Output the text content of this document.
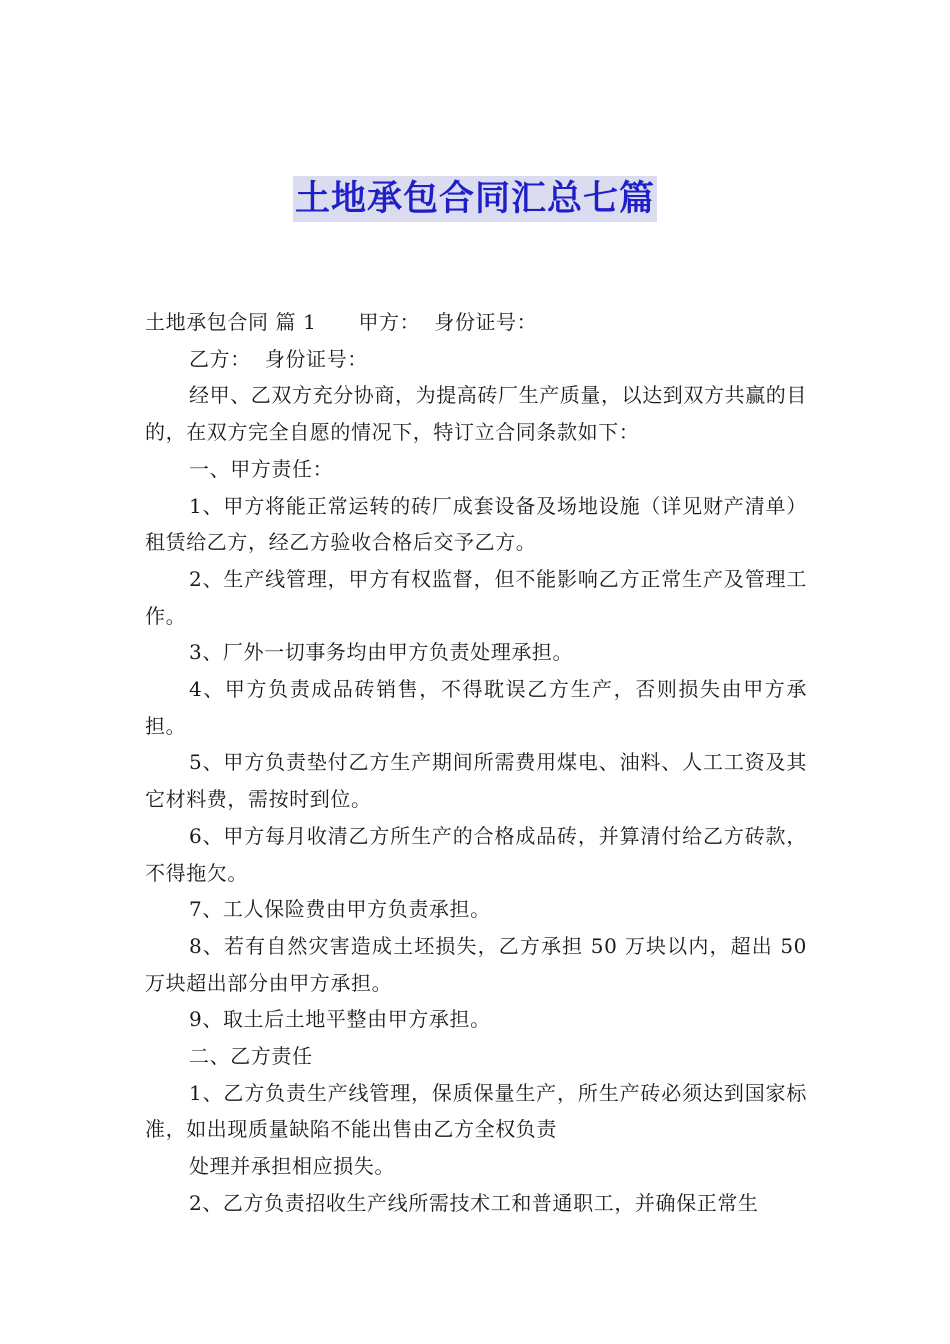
土地承包合同汇总七篇

土地承包合同 篇 1 甲方： 身份证号：

乙方： 身份证号：

经甲、乙双方充分协商，为提高砖厂生产质量，以达到双方共赢的目的，在双方完全自愿的情况下，特订立合同条款如下：

一、甲方责任：

1、甲方将能正常运转的砖厂成套设备及场地设施（详见财产清单）租赁给乙方，经乙方验收合格后交予乙方。

2、生产线管理，甲方有权监督，但不能影响乙方正常生产及管理工作。

3、厂外一切事务均由甲方负责处理承担。

4、甲方负责成品砖销售，不得耽误乙方生产，否则损失由甲方承担。

5、甲方负责垫付乙方生产期间所需费用煤电、油料、人工工资及其它材料费，需按时到位。

6、甲方每月收清乙方所生产的合格成品砖，并算清付给乙方砖款，不得拖欠。

7、工人保险费由甲方负责承担。

8、若有自然灾害造成土坯损失，乙方承担 50 万块以内，超出 50 万块超出部分由甲方承担。

9、取土后土地平整由甲方承担。

二、乙方责任

1、乙方负责生产线管理，保质保量生产，所生产砖必须达到国家标准，如出现质量缺陷不能出售由乙方全权负责

处理并承担相应损失。

2、乙方负责招收生产线所需技术工和普通职工，并确保正常生
